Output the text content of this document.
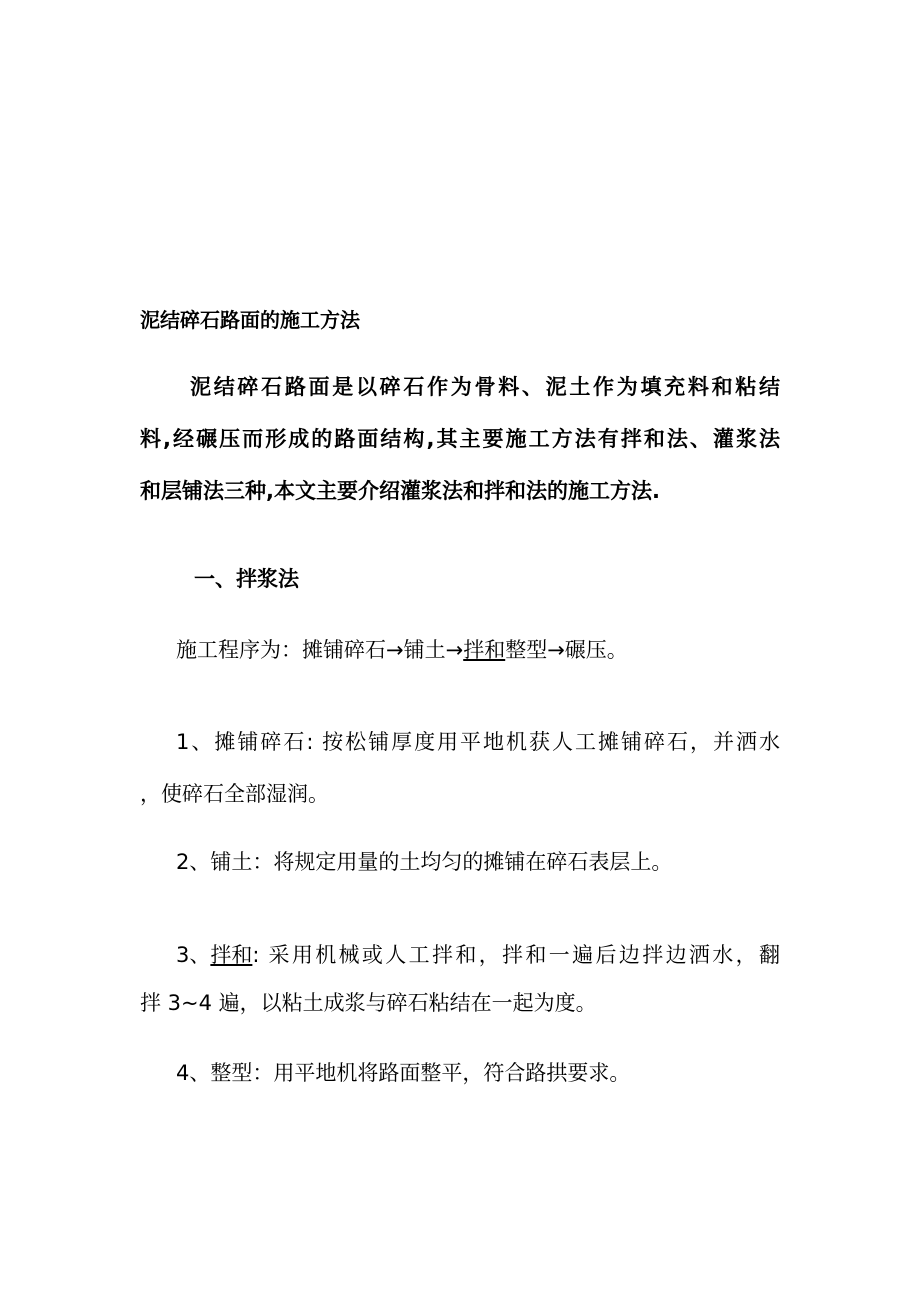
泥结碎石路面的施工方法
泥结碎石路面是以碎石作为骨料、泥土作为填充料和粘结
料,经碾压而形成的路面结构,其主要施工方法有拌和法、灌浆法
和层铺法三种,本文主要介绍灌浆法和拌和法的施工方法.
一、拌浆法
施工程序为：摊铺碎石→铺土→拌和整型→碾压。
1、摊铺碎石: 按松铺厚度用平地机获人工摊铺碎石，并洒水
，使碎石全部湿润。
2、铺土：将规定用量的土均匀的摊铺在碎石表层上。
3、 拌和 : 采用机械或人工拌和，拌和一遍后边拌边洒水，翻
拌 3~4 遍，以粘土成浆与碎石粘结在一起为度。
4、整型：用平地机将路面整平，符合路拱要求。
